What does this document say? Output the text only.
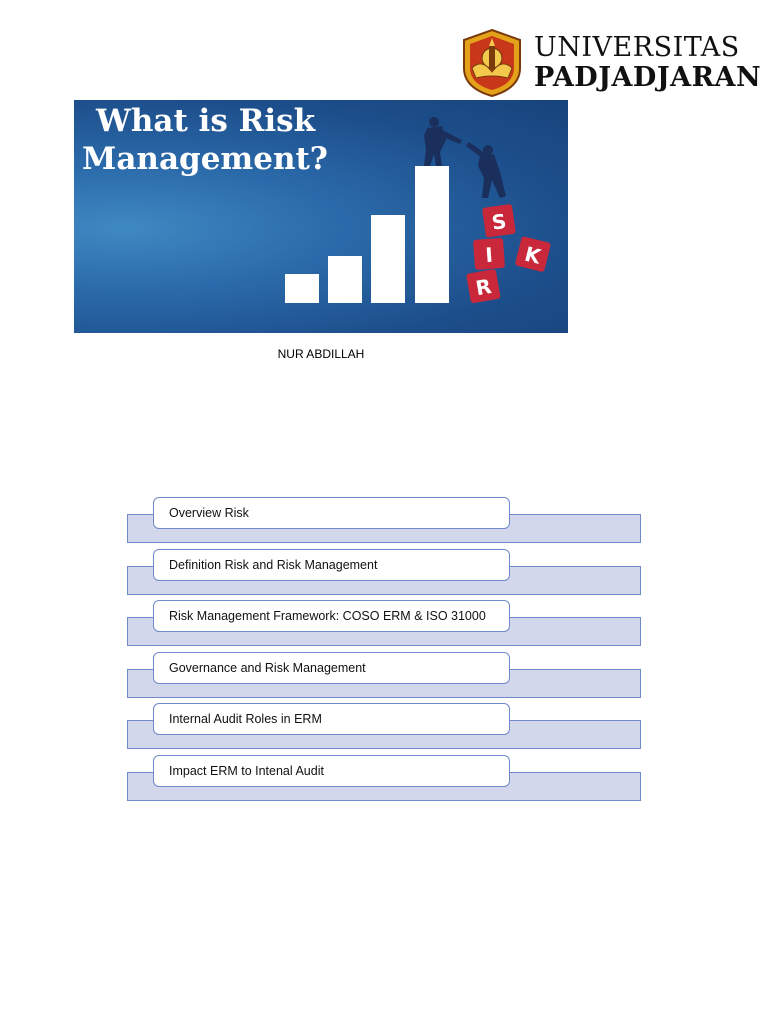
UNIVERSITAS
PADJADJARAN
S
K
I
R
What is Risk
Management?
NUR ABDILLAH
Overview Risk
Definition Risk and Risk Management
Risk Management Framework: COSO ERM & ISO 31000
Governance and Risk Management
Internal Audit Roles in ERM
Impact ERM to Intenal Audit
